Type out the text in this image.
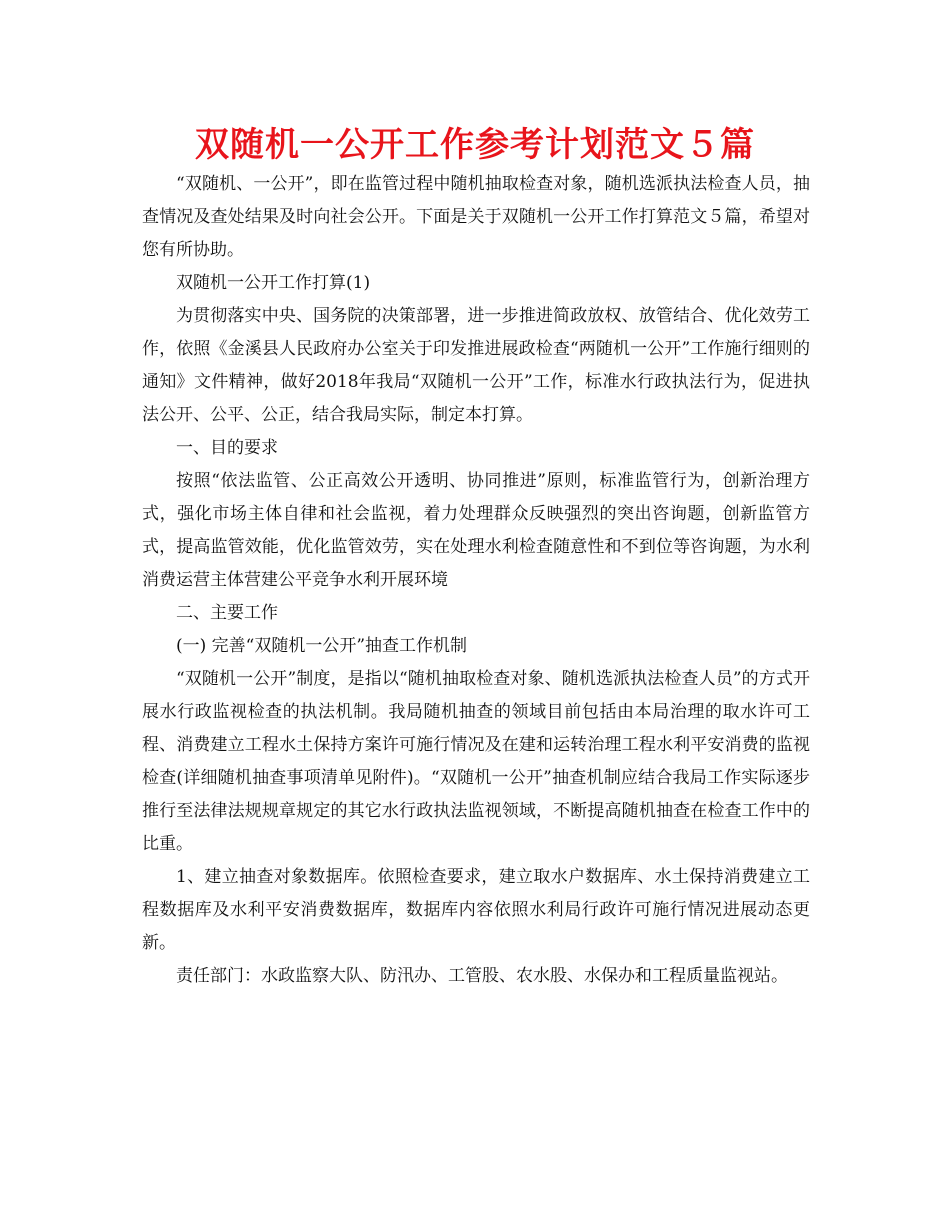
双随机一公开工作参考计划范文５篇

“双随机、一公开”，即在监管过程中随机抽取检查对象，随机选派执法检查人员，抽查情况及查处结果及时向社会公开。下面是关于双随机一公开工作打算范文５篇，希望对您有所协助。

双随机一公开工作打算(1)

为贯彻落实中央、国务院的决策部署，进一步推进简政放权、放管结合、优化效劳工作，依照《金溪县人民政府办公室关于印发推进展政检查“两随机一公开”工作施行细则的通知》文件精神，做好2018年我局“双随机一公开”工作，标准水行政执法行为，促进执法公开、公平、公正，结合我局实际，制定本打算。

一、目的要求

按照“依法监管、公正高效公开透明、协同推进”原则，标准监管行为，创新治理方式，强化市场主体自律和社会监视，着力处理群众反映强烈的突出咨询题，创新监管方式，提高监管效能，优化监管效劳，实在处理水利检查随意性和不到位等咨询题，为水利消费运营主体营建公平竞争水利开展环境

二、主要工作

(一) 完善“双随机一公开”抽查工作机制

“双随机一公开”制度，是指以“随机抽取检查对象、随机选派执法检查人员”的方式开展水行政监视检查的执法机制。我局随机抽查的领域目前包括由本局治理的取水许可工程、消费建立工程水土保持方案许可施行情况及在建和运转治理工程水利平安消费的监视检查(详细随机抽查事项清单见附件)。“双随机一公开”抽查机制应结合我局工作实际逐步推行至法律法规规章规定的其它水行政执法监视领域，不断提高随机抽查在检查工作中的比重。

1、建立抽查对象数据库。依照检查要求，建立取水户数据库、水土保持消费建立工程数据库及水利平安消费数据库，数据库内容依照水利局行政许可施行情况进展动态更新。

责任部门：水政监察大队、防汛办、工管股、农水股、水保办和工程质量监视站。
